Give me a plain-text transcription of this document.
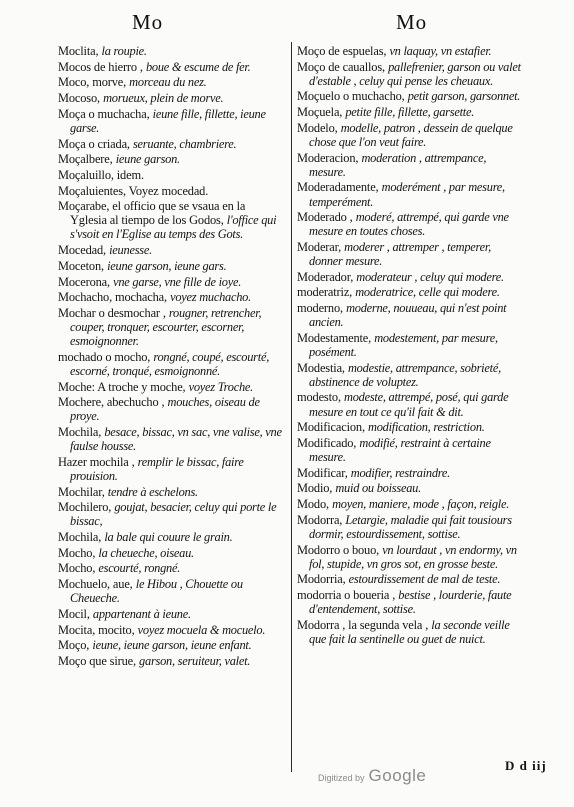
Mo	Mo
Moclita, la roupie.
Mocos de hierro , boue & escume de fer.
Moco, morve, morceau du nez.
Mocoso, morueux, plein de morve.
Moça o muchacha, ieune fille, fillette, ieune garse.
Moça o criada, seruante, chambriere.
Moçalbere, ieune garson.
Moçaluillo, idem.
Moçaluientes, Voyez mocedad.
Moçarabe, el officio que se vsaua en la Yglesia al tiempo de los Godos, l'office qui s'vsoit en l'Eglise au temps des Gots.
Mocedad, ieunesse.
Moceton, ieune garson, ieune gars.
Mocerona, vne garse, vne fille de ioye.
Mochacho, mochacha, voyez muchacho.
Mochar o desmochar , rougner, retrencher, couper, tronquer, escourter, escorner, esmoignonner.
mochado o mocho, rongné, coupé, escourté, escorné, tronqué, esmoignonné.
Moche: A troche y moche, voyez Troche.
Mochere, abechucho , mouches, oiseau de proye.
Mochila, besace, bissac, vn sac, vne valise, vne faulse housse.
Hazer mochila , remplir le bissac, faire prouision.
Mochilar, tendre à eschelons.
Mochilero, goujat, besacier, celuy qui porte le bissac,
Mochila, la bale qui couure le grain.
Mocho, la cheueche, oiseau.
Mocho, escourté, rongné.
Mochuelo, aue, le Hibou , Chouette ou Cheueche.
Mocil, appartenant à ieune.
Mocita, mocito, voyez mocuela & mocuelo.
Moço, ieune, ieune garson, ieune enfant.
Moço que sirue, garson, seruiteur, valet.
Moço de espuelas, vn laquay, vn estafier.
Moço de cauallos, pallefrenier, garson ou valet d'estable , celuy qui pense les cheuaux.
Moçuelo o muchacho, petit garson, garsonnet.
Moçuela, petite fille, fillette, garsette.
Modelo, modelle, patron , dessein de quelque chose que l'on veut faire.
Moderacion, moderation , attrempance, mesure.
Moderadamente, moderément , par mesure, temperément.
Moderado , moderé, attrempé, qui garde vne mesure en toutes choses.
Moderar, moderer , attremper , temperer, donner mesure.
Moderador, moderateur , celuy qui modere.
moderatriz, moderatrice, celle qui modere.
moderno, moderne, nouueau, qui n'est point ancien.
Modestamente, modestement, par mesure, posément.
Modestia, modestie, attrempance, sobrieté, abstinence de voluptez.
modesto, modeste, attrempé, posé, qui garde mesure en tout ce qu'il fait & dit.
Modificacion, modification, restriction.
Modificado, modifié, restraint à certaine mesure.
Modificar, modifier, restraindre.
Modio, muid ou boisseau.
Modo, moyen, maniere, mode , façon, reigle.
Modorra, Letargie, maladie qui fait tousiours dormir, estourdissement, sottise.
Modorro o bouo, vn lourdaut , vn endormy, vn fol, stupide, vn gros sot, en grosse beste.
Modorria, estourdissement de mal de teste.
modorria o boueria , bestise , lourderie, faute d'entendement, sottise.
Modorra , la segunda vela , la seconde veille que fait la sentinelle ou guet de nuict.
D d iij
Digitized by Google
